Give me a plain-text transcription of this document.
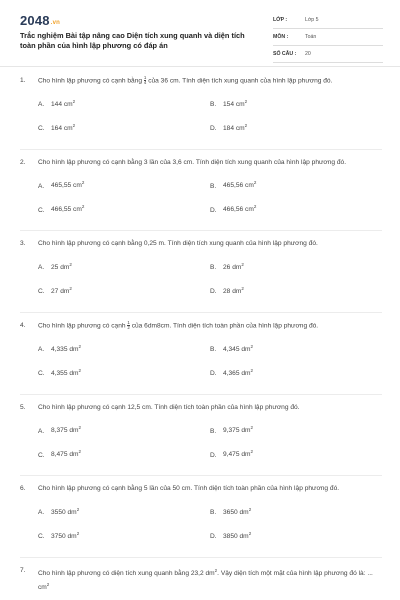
2048.vn
Trắc nghiệm Bài tập nâng cao Diện tích xung quanh và diện tích toàn phần của hình lập phương có đáp án
LỚP :	Lớp 5
MÔN :	Toán
SỐ CÂU : 20
1. Cho hình lập phương có cạnh bằng $\frac{1}{4}$ của 36 cm. Tính diện tích xung quanh của hình lập phương đó.
A. 144 $cm^2$	B. 154 $cm^2$
C. 164 $cm^2$	D. 184 $cm^2$
2. Cho hình lập phương có cạnh bằng 3 lần của 3,6 cm. Tính diện tích xung quanh của hình lập phương đó.
A. 465,55 $cm^2$	B. 465,56 $cm^2$
C. 466,55 $cm^2$	D. 466,56 $cm^2$
3. Cho hình lập phương có cạnh bằng 0,25 m. Tính diện tích xung quanh của hình lập phương đó.
A. 25 $dm^2$	B. 26 $dm^2$
C. 27 $dm^2$	D. 28 $dm^2$
4. Cho hình lập phương có cạnh $\frac{1}{2}$ của 6dm8cm. Tính diện tích toàn phần của hình lập phương đó.
A. 4,335 $dm^2$	B. 4,345 $dm^2$
C. 4,355 $dm^2$	D. 4,365 $dm^2$
5. Cho hình lập phương có cạnh 12,5 cm. Tính diện tích toàn phần của hình lập phương đó.
A. 8,375 $dm^2$	B. 9,375 $dm^2$
C. 8,475 $dm^2$	D. 9,475 $dm^2$
6. Cho hình lập phương có cạnh bằng 5 lần của 50 cm. Tính diện tích toàn phần của hình lập phương đó.
A. 3550 $dm^2$	B. 3650 $dm^2$
C. 3750 $dm^2$	D. 3850 $dm^2$
7. Cho hình lập phương có diện tích xung quanh bằng 23,2 $dm^2$. Vậy diện tích một mặt của hình lập phương đó là: ... $cm^2$
